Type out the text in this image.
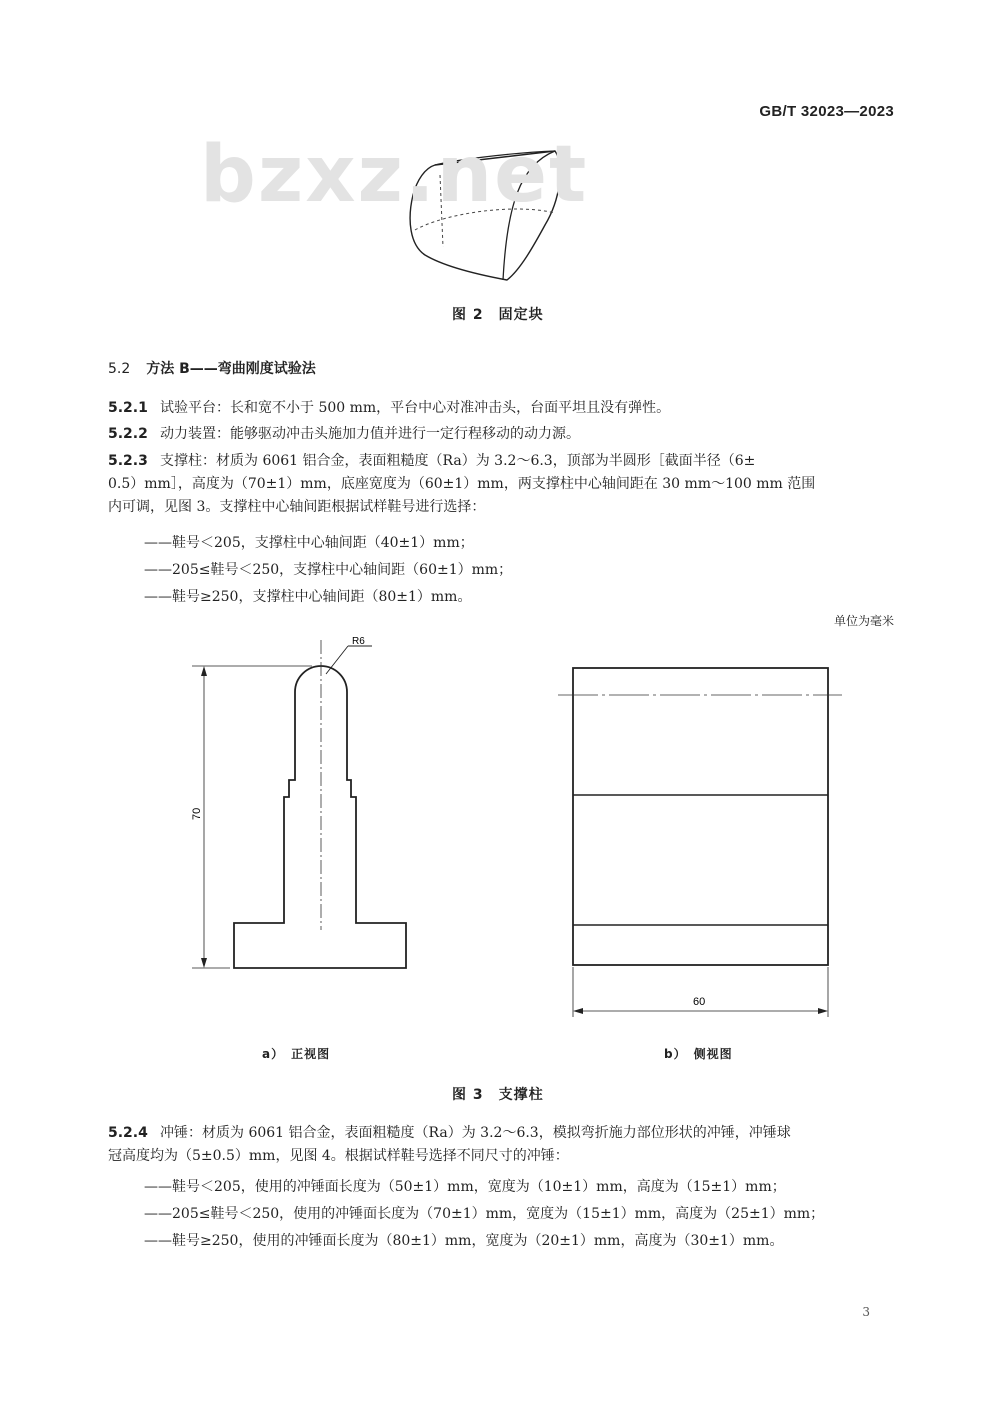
GB/T 32023—2023
bzxz.net
图 2　固定块
5.2 方法 B——弯曲刚度试验法
5.2.1 试验平台：长和宽不小于 500 mm，平台中心对准冲击头，台面平坦且没有弹性。
5.2.2 动力装置：能够驱动冲击头施加力值并进行一定行程移动的动力源。
5.2.3 支撑柱：材质为 6061 铝合金，表面粗糙度（Ra）为 3.2～6.3，顶部为半圆形［截面半径（6±
0.5）mm］，高度为（70±1）mm，底座宽度为（60±1）mm，两支撑柱中心轴间距在 30 mm～100 mm 范围
内可调，见图 3。支撑柱中心轴间距根据试样鞋号进行选择：
——鞋号＜205，支撑柱中心轴间距（40±1）mm；
——205≤鞋号＜250，支撑柱中心轴间距（60±1）mm；
——鞋号≥250，支撑柱中心轴间距（80±1）mm。
单位为毫米
R6
70
a）　正视图
60
b）　侧视图
图 3　支撑柱
5.2.4 冲锤：材质为 6061 铝合金，表面粗糙度（Ra）为 3.2～6.3，模拟弯折施力部位形状的冲锤，冲锤球
冠高度均为（5±0.5）mm，见图 4。根据试样鞋号选择不同尺寸的冲锤：
——鞋号＜205，使用的冲锤面长度为（50±1）mm，宽度为（10±1）mm，高度为（15±1）mm；
——205≤鞋号＜250，使用的冲锤面长度为（70±1）mm，宽度为（15±1）mm，高度为（25±1）mm；
——鞋号≥250，使用的冲锤面长度为（80±1）mm，宽度为（20±1）mm，高度为（30±1）mm。
3
